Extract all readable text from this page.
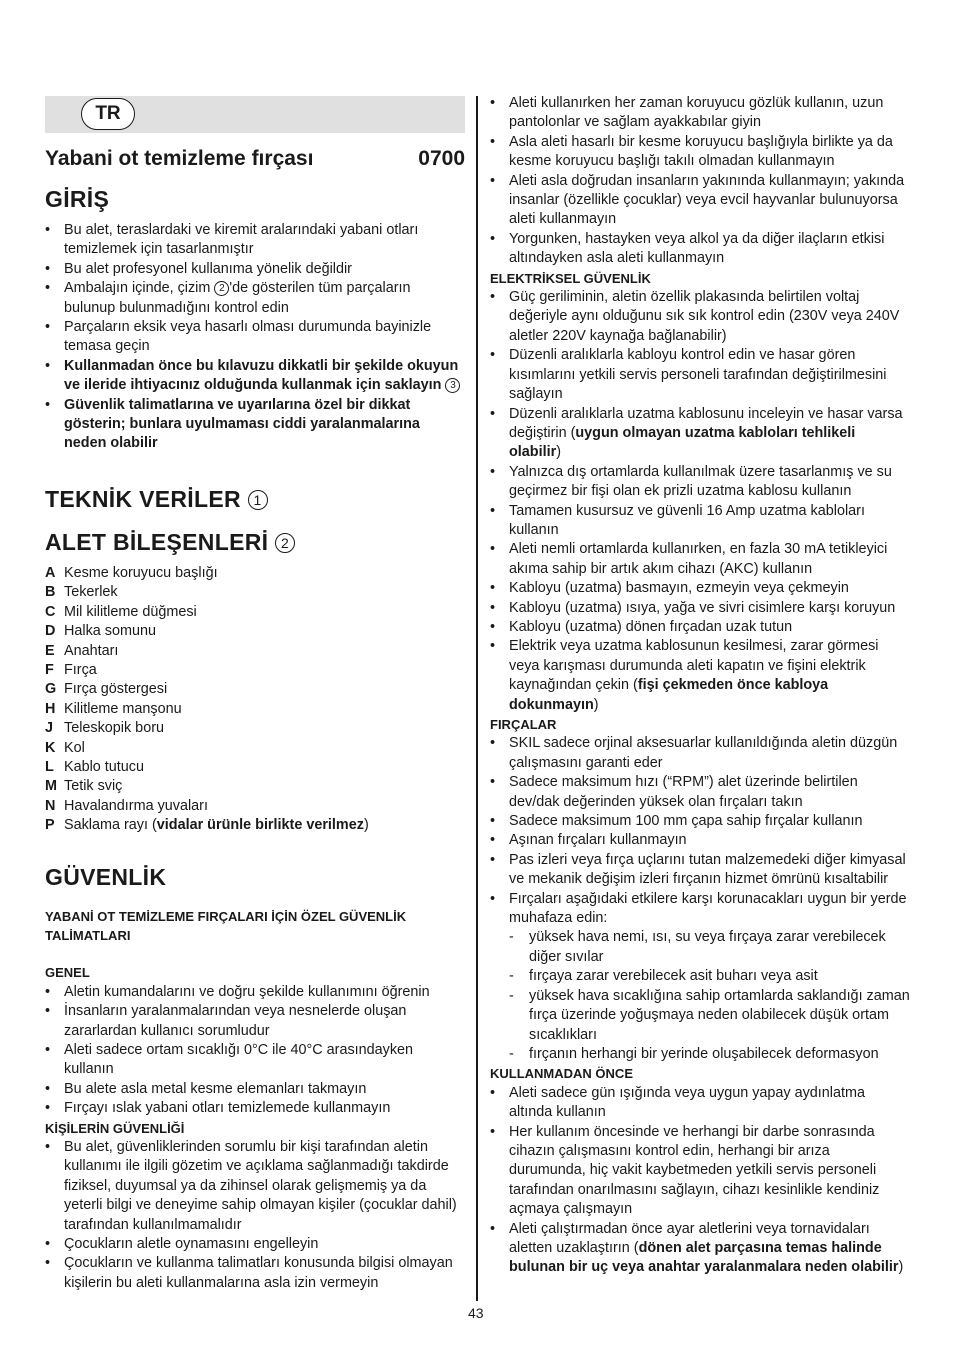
TR
Yabani ot temizleme fırçası	0700
GİRİŞ
• Bu alet, teraslardaki ve kiremit aralarındaki yabani otları temizlemek için tasarlanmıştır
• Bu alet profesyonel kullanıma yönelik değildir
• Ambalajın içinde, çizim 2 'de gösterilen tüm parçaların bulunup bulunmadığını kontrol edin
• Parçaların eksik veya hasarlı olması durumunda bayinizle temasa geçin
• Kullanmadan önce bu kılavuzu dikkatli bir şekilde okuyun ve ileride ihtiyacınız olduğunda kullanmak için saklayın 3
• Güvenlik talimatlarına ve uyarılarına özel bir dikkat gösterin; bunlara uyulmaması ciddi yaralanmalarına neden olabilir
TEKNİK VERİLER 1
ALET BİLEŞENLERİ 2
A Kesme koruyucu başlığı
B Tekerlek
C Mil kilitleme düğmesi
D Halka somunu
E Anahtarı
F Fırça
G Fırça göstergesi
H Kilitleme manşonu
J Teleskopik boru
K Kol
L Kablo tutucu
M Tetik sviç
N Havalandırma yuvaları
P Saklama rayı (vidalar ürünle birlikte verilmez)
GÜVENLİK
YABANİ OT TEMİZLEME FIRÇALARI İÇİN ÖZEL GÜVENLİK TALİMATLARI
GENEL
• Aletin kumandalarını ve doğru şekilde kullanımını öğrenin
• İnsanların yaralanmalarından veya nesnelerde oluşan zararlardan kullanıcı sorumludur
• Aleti sadece ortam sıcaklığı 0°C ile 40°C arasındayken kullanın
• Bu alete asla metal kesme elemanları takmayın
• Fırçayı ıslak yabani otları temizlemede kullanmayın
KİŞİLERİN GÜVENLİĞİ
• Bu alet, güvenliklerinden sorumlu bir kişi tarafından aletin kullanımı ile ilgili gözetim ve açıklama sağlanmadığı takdirde fiziksel, duyumsal ya da zihinsel olarak gelişmemiş ya da yeterli bilgi ve deneyime sahip olmayan kişiler (çocuklar dahil) tarafından kullanılmamalıdır
• Çocukların aletle oynamasını engelleyin
• Çocukların ve kullanma talimatları konusunda bilgisi olmayan kişilerin bu aleti kullanmalarına asla izin vermeyin
• Aleti kullanırken her zaman koruyucu gözlük kullanın, uzun pantolonlar ve sağlam ayakkabılar giyin
• Asla aleti hasarlı bir kesme koruyucu başlığıyla birlikte ya da kesme koruyucu başlığı takılı olmadan kullanmayın
• Aleti asla doğrudan insanların yakınında kullanmayın; yakında insanlar (özellikle çocuklar) veya evcil hayvanlar bulunuyorsa aleti kullanmayın
• Yorgunken, hastayken veya alkol ya da diğer ilaçların etkisi altındayken asla aleti kullanmayın
ELEKTRİKSEL GÜVENLİK
• Güç geriliminin, aletin özellik plakasında belirtilen voltaj değeriyle aynı olduğunu sık sık kontrol edin (230V veya 240V aletler 220V kaynağa bağlanabilir)
• Düzenli aralıklarla kabloyu kontrol edin ve hasar gören kısımlarını yetkili servis personeli tarafından değiştirilmesini sağlayın
• Düzenli aralıklarla uzatma kablosunu inceleyin ve hasar varsa değiştirin (uygun olmayan uzatma kabloları tehlikeli olabilir)
• Yalnızca dış ortamlarda kullanılmak üzere tasarlanmış ve su geçirmez bir fişi olan ek prizli uzatma kablosu kullanın
• Tamamen kusursuz ve güvenli 16 Amp uzatma kabloları kullanın
• Aleti nemli ortamlarda kullanırken, en fazla 30 mA tetikleyici akıma sahip bir artık akım cihazı (AKC) kullanın
• Kabloyu (uzatma) basmayın, ezmeyin veya çekmeyin
• Kabloyu (uzatma) ısıya, yağa ve sivri cisimlere karşı koruyun
• Kabloyu (uzatma) dönen fırçadan uzak tutun
• Elektrik veya uzatma kablosunun kesilmesi, zarar görmesi veya karışması durumunda aleti kapatın ve fişini elektrik kaynağından çekin (fişi çekmeden önce kabloya dokunmayın)
FIRÇALAR
• SKIL sadece orjinal aksesuarlar kullanıldığında aletin düzgün çalışmasını garanti eder
• Sadece maksimum hızı (“RPM”) alet üzerinde belirtilen dev/dak değerinden yüksek olan fırçaları takın
• Sadece maksimum 100 mm çapa sahip fırçalar kullanın
• Aşınan fırçaları kullanmayın
• Pas izleri veya fırça uçlarını tutan malzemedeki diğer kimyasal ve mekanik değişim izleri fırçanın hizmet ömrünü kısaltabilir
• Fırçaları aşağıdaki etkilere karşı korunacakları uygun bir yerde muhafaza edin:
- yüksek hava nemi, ısı, su veya fırçaya zarar verebilecek diğer sıvılar
- fırçaya zarar verebilecek asit buharı veya asit
- yüksek hava sıcaklığına sahip ortamlarda saklandığı zaman fırça üzerinde yoğuşmaya neden olabilecek düşük ortam sıcaklıkları
- fırçanın herhangi bir yerinde oluşabilecek deformasyon
KULLANMADAN ÖNCE
• Aleti sadece gün ışığında veya uygun yapay aydınlatma altında kullanın
• Her kullanım öncesinde ve herhangi bir darbe sonrasında cihazın çalışmasını kontrol edin, herhangi bir arıza durumunda, hiç vakit kaybetmeden yetkili servis personeli tarafından onarılmasını sağlayın, cihazı kesinlikle kendiniz açmaya çalışmayın
• Aleti çalıştırmadan önce ayar aletlerini veya tornavidaları aletten uzaklaştırın (dönen alet parçasına temas halinde bulunan bir uç veya anahtar yaralanmalara neden olabilir)
43
